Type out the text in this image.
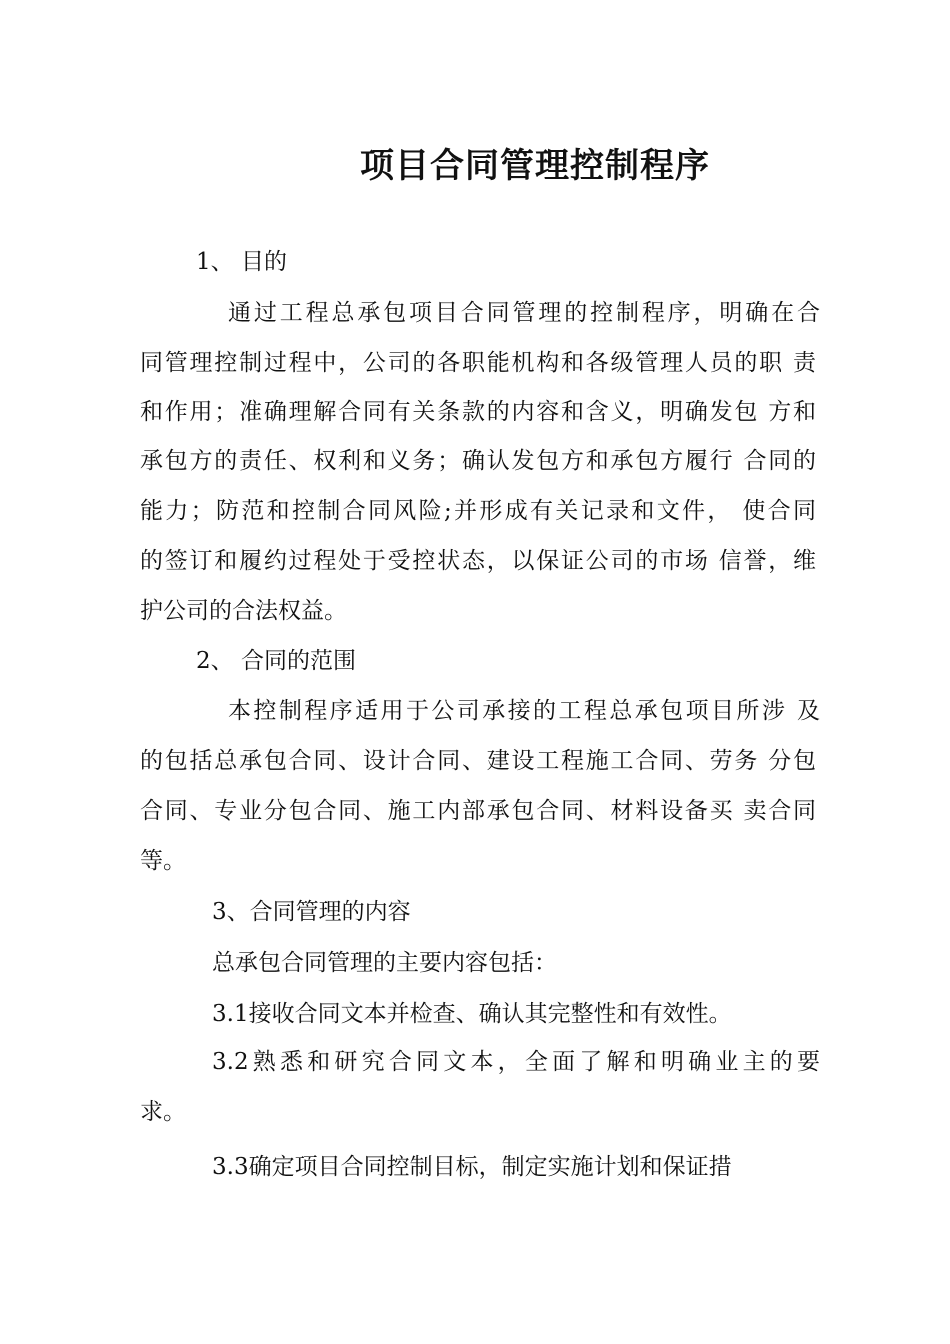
项目合同管理控制程序
1、 目的
通过工程总承包项目合同管理的控制程序，明确在合
同管理控制过程中，公司的各职能机构和各级管理人员的职 责
和作用；准确理解合同有关条款的内容和含义，明确发包 方和
承包方的责任、权利和义务；确认发包方和承包方履行 合同的
能力；防范和控制合同风险;并形成有关记录和文件， 使合同
的签订和履约过程处于受控状态，以保证公司的市场 信誉，维
护公司的合法权益。
2、 合同的范围
本控制程序适用于公司承接的工程总承包项目所涉 及
的包括总承包合同、设计合同、建设工程施工合同、劳务 分包
合同、专业分包合同、施工内部承包合同、材料设备买 卖合同
等。
3、合同管理的内容
总承包合同管理的主要内容包括：
3.1接收合同文本并检查、确认其完整性和有效性。
3.2熟悉和研究合同文本，全面了解和明确业主的要
求。
3.3确定项目合同控制目标，制定实施计划和保证措
